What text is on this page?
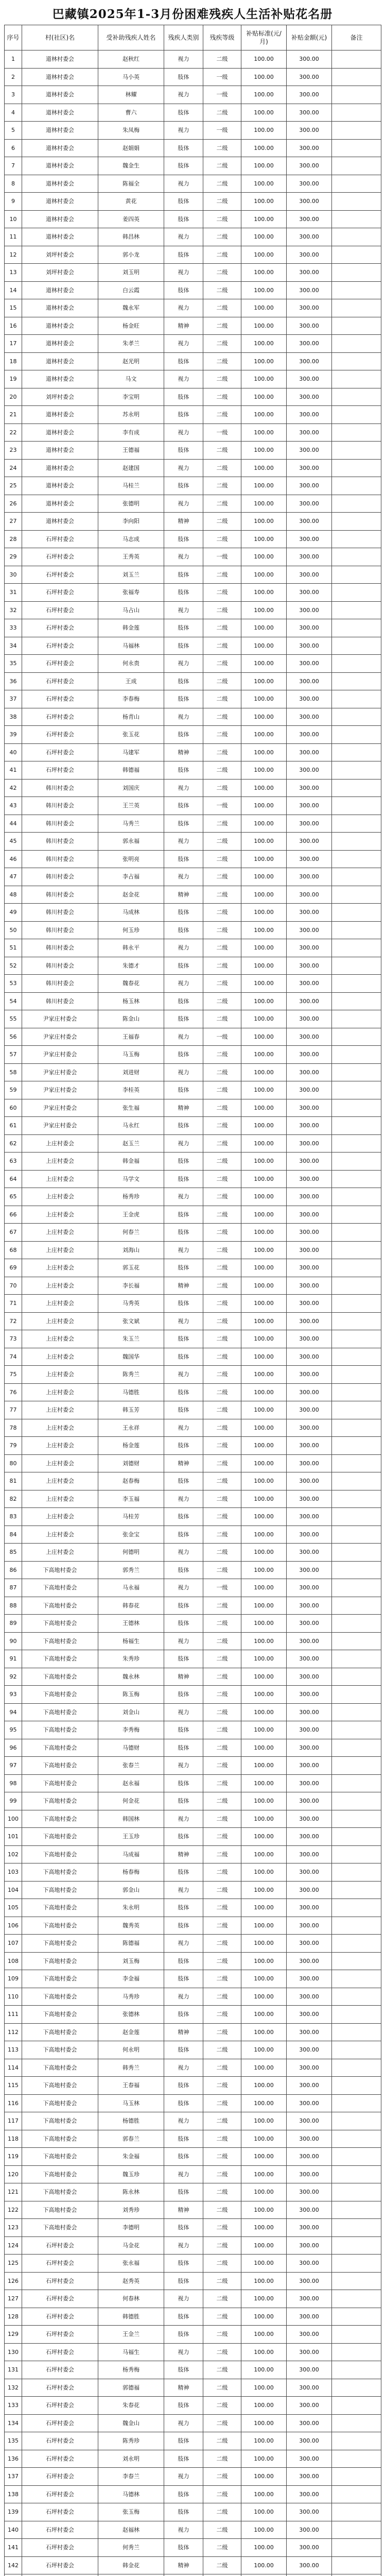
巴藏镇2025年1-3月份困难残疾人生活补贴花名册
序号	村(社区)名	受补助残疾人姓名	残疾人类别	残疾等级	补贴标准(元/月)	补贴金额(元)	备注
1	道林村委会	赵秋红	视力	二级	100.00	300.00	
2	道林村委会	马小英	肢体	一级	100.00	300.00	
3	道林村委会	林耀	视力	一级	100.00	300.00	
4	道林村委会	曹六	肢体	二级	100.00	300.00	
5	道林村委会	朱凤梅	视力	一级	100.00	300.00	
6	道林村委会	赵娟娟	肢体	二级	100.00	300.00	
7	道林村委会	魏金生	肢体	二级	100.00	300.00	
8	道林村委会	陈福全	视力	二级	100.00	300.00	
9	道林村委会	黄花	肢体	二级	100.00	300.00	
10	道林村委会	姜四英	肢体	二级	100.00	300.00	
11	道林村委会	韩昌林	视力	二级	100.00	300.00	
12	刘坪村委会	郭小龙	肢体	二级	100.00	300.00	
13	刘坪村委会	刘玉明	视力	二级	100.00	300.00	
14	道林村委会	白云霞	肢体	二级	100.00	300.00	
15	道林村委会	魏永军	视力	二级	100.00	300.00	
16	道林村委会	杨金旺	精神	二级	100.00	300.00	
17	道林村委会	朱孝兰	视力	二级	100.00	300.00	
18	道林村委会	赵光明	肢体	二级	100.00	300.00	
19	道林村委会	马文	视力	二级	100.00	300.00	
20	刘坪村委会	李宝明	肢体	二级	100.00	300.00	
21	道林村委会	苏永明	肢体	二级	100.00	300.00	
22	道林村委会	李有成	视力	一级	100.00	300.00	
23	道林村委会	王德福	肢体	二级	100.00	300.00	
24	道林村委会	赵建国	视力	二级	100.00	300.00	
25	道林村委会	马桂兰	肢体	二级	100.00	300.00	
26	道林村委会	张德明	视力	二级	100.00	300.00	
27	道林村委会	李向阳	精神	二级	100.00	300.00	
28	石坪村委会	马志成	肢体	二级	100.00	300.00	
29	石坪村委会	王秀英	视力	一级	100.00	300.00	
30	石坪村委会	刘玉兰	肢体	二级	100.00	300.00	
31	石坪村委会	张福寿	肢体	二级	100.00	300.00	
32	石坪村委会	马占山	视力	二级	100.00	300.00	
33	石坪村委会	韩金莲	肢体	二级	100.00	300.00	
34	石坪村委会	马福林	肢体	二级	100.00	300.00	
35	石坪村委会	何永贵	视力	二级	100.00	300.00	
36	石坪村委会	王成	肢体	二级	100.00	300.00	
37	石坪村委会	李春梅	肢体	二级	100.00	300.00	
38	石坪村委会	杨青山	视力	二级	100.00	300.00	
39	石坪村委会	张玉花	肢体	二级	100.00	300.00	
40	石坪村委会	马建军	精神	二级	100.00	300.00	
41	石坪村委会	韩德福	肢体	二级	100.00	300.00	
42	韩川村委会	刘国庆	视力	二级	100.00	300.00	
43	韩川村委会	王兰英	肢体	一级	100.00	300.00	
44	韩川村委会	马秀兰	肢体	二级	100.00	300.00	
45	韩川村委会	郭永福	视力	二级	100.00	300.00	
46	韩川村委会	张明亮	肢体	二级	100.00	300.00	
47	韩川村委会	李占福	视力	二级	100.00	300.00	
48	韩川村委会	赵金花	精神	二级	100.00	300.00	
49	韩川村委会	马成林	肢体	二级	100.00	300.00	
50	韩川村委会	何玉珍	肢体	二级	100.00	300.00	
51	韩川村委会	韩永平	视力	二级	100.00	300.00	
52	韩川村委会	朱德才	肢体	二级	100.00	300.00	
53	韩川村委会	魏春花	视力	二级	100.00	300.00	
54	韩川村委会	杨玉林	肢体	二级	100.00	300.00	
55	尹家庄村委会	陈金山	肢体	二级	100.00	300.00	
56	尹家庄村委会	王福春	视力	一级	100.00	300.00	
57	尹家庄村委会	马玉梅	肢体	二级	100.00	300.00	
58	尹家庄村委会	刘进财	视力	二级	100.00	300.00	
59	尹家庄村委会	李桂英	肢体	二级	100.00	300.00	
60	尹家庄村委会	张生福	精神	二级	100.00	300.00	
61	尹家庄村委会	马永红	肢体	二级	100.00	300.00	
62	上庄村委会	赵玉兰	视力	二级	100.00	300.00	
63	上庄村委会	韩金福	肢体	二级	100.00	300.00	
64	上庄村委会	马学文	肢体	二级	100.00	300.00	
65	上庄村委会	杨秀珍	视力	二级	100.00	300.00	
66	上庄村委会	王金虎	肢体	二级	100.00	300.00	
67	上庄村委会	何春兰	肢体	二级	100.00	300.00	
68	上庄村委会	刘海山	视力	二级	100.00	300.00	
69	上庄村委会	郭玉花	肢体	二级	100.00	300.00	
70	上庄村委会	李长福	精神	二级	100.00	300.00	
71	上庄村委会	马秀英	肢体	二级	100.00	300.00	
72	上庄村委会	张文斌	视力	二级	100.00	300.00	
73	上庄村委会	朱玉兰	肢体	二级	100.00	300.00	
74	上庄村委会	魏国华	肢体	二级	100.00	300.00	
75	上庄村委会	陈秀兰	视力	二级	100.00	300.00	
76	上庄村委会	马德胜	肢体	二级	100.00	300.00	
77	上庄村委会	韩玉芳	肢体	二级	100.00	300.00	
78	上庄村委会	王永祥	视力	二级	100.00	300.00	
79	上庄村委会	杨金莲	肢体	二级	100.00	300.00	
80	上庄村委会	刘德财	精神	二级	100.00	300.00	
81	上庄村委会	赵春梅	肢体	二级	100.00	300.00	
82	上庄村委会	李玉福	视力	二级	100.00	300.00	
83	上庄村委会	马桂芳	肢体	二级	100.00	300.00	
84	上庄村委会	张金宝	肢体	二级	100.00	300.00	
85	上庄村委会	何德明	视力	二级	100.00	300.00	
86	下高地村委会	郭秀兰	肢体	二级	100.00	300.00	
87	下高地村委会	马永福	视力	一级	100.00	300.00	
88	下高地村委会	韩春花	肢体	二级	100.00	300.00	
89	下高地村委会	王德林	肢体	二级	100.00	300.00	
90	下高地村委会	杨福生	视力	二级	100.00	300.00	
91	下高地村委会	朱秀珍	肢体	二级	100.00	300.00	
92	下高地村委会	魏永林	精神	二级	100.00	300.00	
93	下高地村委会	陈玉梅	肢体	二级	100.00	300.00	
94	下高地村委会	刘金山	视力	二级	100.00	300.00	
95	下高地村委会	李秀梅	肢体	二级	100.00	300.00	
96	下高地村委会	马德财	肢体	二级	100.00	300.00	
97	下高地村委会	张春兰	视力	二级	100.00	300.00	
98	下高地村委会	赵永福	肢体	二级	100.00	300.00	
99	下高地村委会	何金花	肢体	二级	100.00	300.00	
100	下高地村委会	韩国林	视力	二级	100.00	300.00	
101	下高地村委会	王玉珍	肢体	二级	100.00	300.00	
102	下高地村委会	马成福	精神	二级	100.00	300.00	
103	下高地村委会	杨春梅	肢体	二级	100.00	300.00	
104	下高地村委会	郭金山	视力	二级	100.00	300.00	
105	下高地村委会	朱永明	肢体	二级	100.00	300.00	
106	下高地村委会	魏秀英	肢体	二级	100.00	300.00	
107	下高地村委会	陈德福	视力	二级	100.00	300.00	
108	下高地村委会	刘玉梅	肢体	二级	100.00	300.00	
109	下高地村委会	李金福	肢体	二级	100.00	300.00	
110	下高地村委会	马秀珍	视力	二级	100.00	300.00	
111	下高地村委会	张德林	肢体	二级	100.00	300.00	
112	下高地村委会	赵金莲	精神	二级	100.00	300.00	
113	下高地村委会	何永明	肢体	二级	100.00	300.00	
114	下高地村委会	韩秀兰	视力	二级	100.00	300.00	
115	下高地村委会	王春福	肢体	二级	100.00	300.00	
116	下高地村委会	马玉林	肢体	二级	100.00	300.00	
117	下高地村委会	杨德胜	视力	二级	100.00	300.00	
118	下高地村委会	郭春兰	肢体	二级	100.00	300.00	
119	下高地村委会	朱金福	肢体	二级	100.00	300.00	
120	下高地村委会	魏玉珍	视力	二级	100.00	300.00	
121	下高地村委会	陈永林	肢体	二级	100.00	300.00	
122	下高地村委会	刘秀珍	精神	二级	100.00	300.00	
123	下高地村委会	李德明	肢体	二级	100.00	300.00	
124	石坪村委会	马金花	视力	二级	100.00	300.00	
125	石坪村委会	张永福	肢体	二级	100.00	300.00	
126	石坪村委会	赵秀英	肢体	二级	100.00	300.00	
127	石坪村委会	何春林	视力	二级	100.00	300.00	
128	石坪村委会	韩德胜	肢体	二级	100.00	300.00	
129	石坪村委会	王金兰	肢体	二级	100.00	300.00	
130	石坪村委会	马福生	视力	二级	100.00	300.00	
131	石坪村委会	杨秀梅	肢体	二级	100.00	300.00	
132	石坪村委会	郭德福	精神	二级	100.00	300.00	
133	石坪村委会	朱春花	肢体	二级	100.00	300.00	
134	石坪村委会	魏金山	视力	二级	100.00	300.00	
135	石坪村委会	陈秀珍	肢体	二级	100.00	300.00	
136	石坪村委会	刘永明	肢体	二级	100.00	300.00	
137	石坪村委会	李春兰	视力	二级	100.00	300.00	
138	石坪村委会	马德林	肢体	二级	100.00	300.00	
139	石坪村委会	张玉梅	肢体	二级	100.00	300.00	
140	石坪村委会	赵福林	视力	二级	100.00	300.00	
141	石坪村委会	何秀兰	肢体	二级	100.00	300.00	
142	石坪村委会	韩金花	精神	二级	100.00	300.00	
